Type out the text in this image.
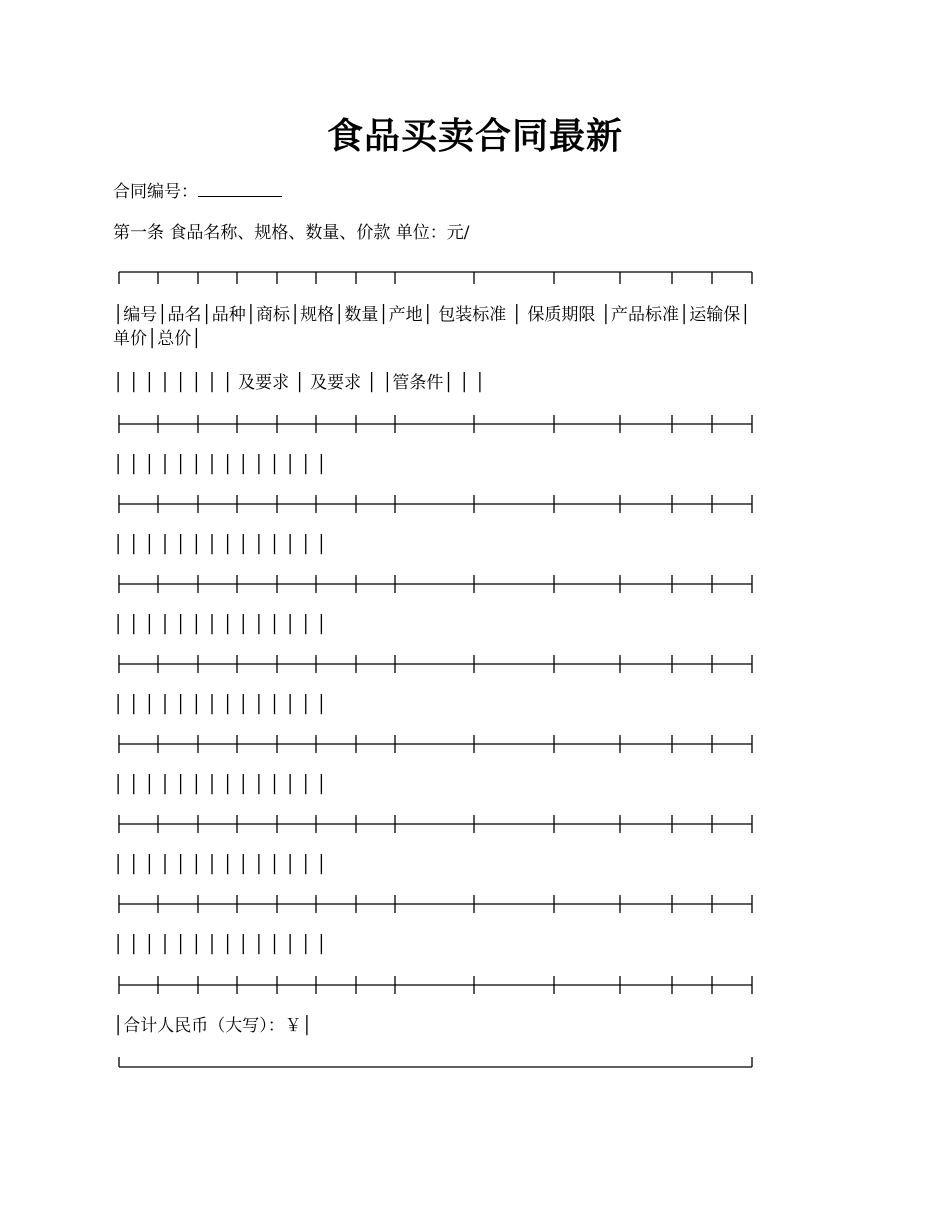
食品买卖合同最新
合同编号：
第一条 食品名称、规格、数量、价款 单位：元/
│编号│品名│品种│商标│规格│数量│产地│ 包装标准 │ 保质期限 │产品标准│运输保│
单价│总价│
│ │ │ │ │ │ │ │ 及要求 │ 及要求 │ │管条件│ │ │
│ │ │ │ │ │ │ │ │ │ │ │ │ │
│ │ │ │ │ │ │ │ │ │ │ │ │ │
│ │ │ │ │ │ │ │ │ │ │ │ │ │
│ │ │ │ │ │ │ │ │ │ │ │ │ │
│ │ │ │ │ │ │ │ │ │ │ │ │ │
│ │ │ │ │ │ │ │ │ │ │ │ │ │
│ │ │ │ │ │ │ │ │ │ │ │ │ │
│合计人民币（大写）：￥│
